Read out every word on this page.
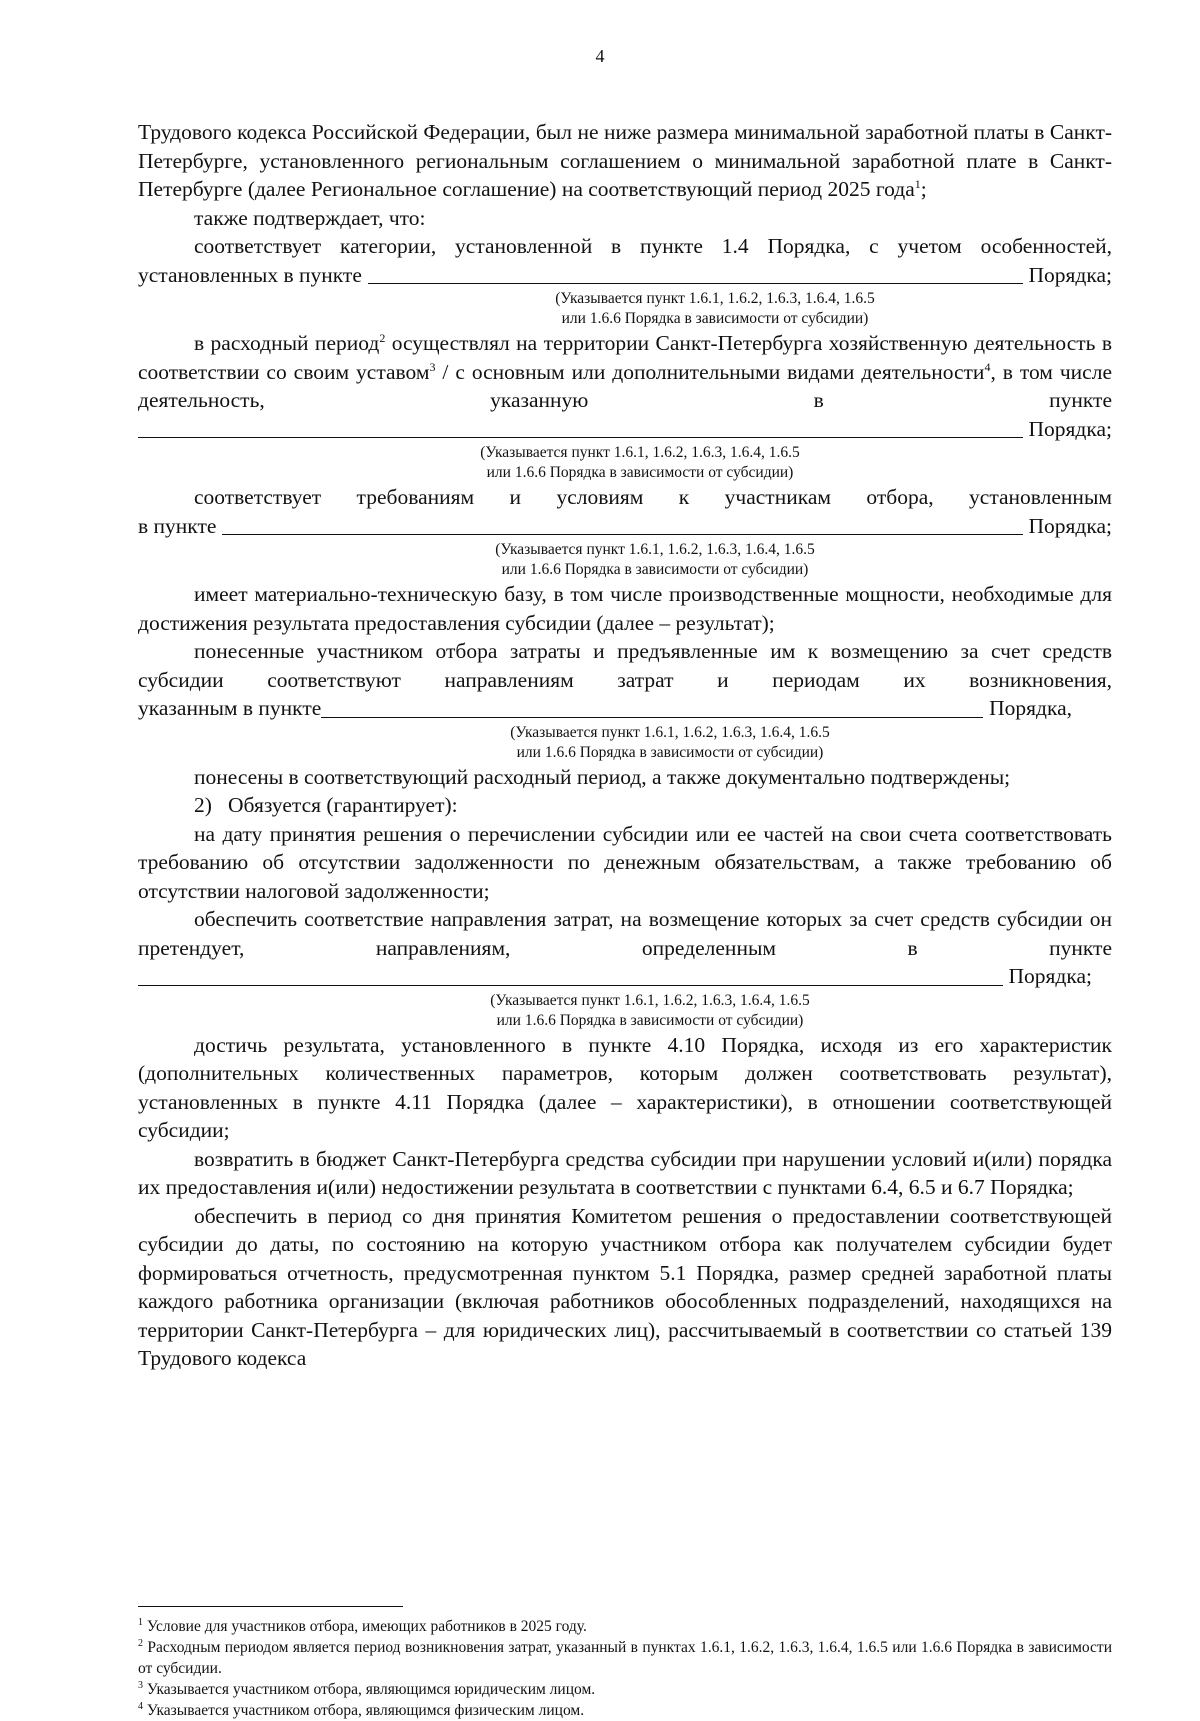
4

Трудового кодекса Российской Федерации, был не ниже размера минимальной заработной платы в Санкт-Петербурге, установленного региональным соглашением о минимальной заработной плате в Санкт-Петербурге (далее Региональное соглашение) на соответствующий период 2025 года$^1$;

также подтверждает, что:

соответствует категории, установленной в пункте 1.4 Порядка, с учетом особенностей,

установленных в пункте	Порядка;
(Указывается пункт 1.6.1, 1.6.2, 1.6.3, 1.6.4, 1.6.5
или 1.6.6 Порядка в зависимости от субсидии)

в расходный период$^2$ осуществлял на территории Санкт-Петербурга хозяйственную деятельность в соответствии со своим уставом$^3$ / с основным или дополнительными видами деятельности$^4$, в том числе деятельность, указанную в пункте

Порядка;
(Указывается пункт 1.6.1, 1.6.2, 1.6.3, 1.6.4, 1.6.5
или 1.6.6 Порядка в зависимости от субсидии)

соответствует требованиям и условиям к участникам отбора, установленным

в пункте	Порядка;
(Указывается пункт 1.6.1, 1.6.2, 1.6.3, 1.6.4, 1.6.5
или 1.6.6 Порядка в зависимости от субсидии)

имеет материально-техническую базу, в том числе производственные мощности, необходимые для достижения результата предоставления субсидии (далее – результат);

понесенные участником отбора затраты и предъявленные им к возмещению за счет средств субсидии соответствуют направлениям затрат и периодам их возникновения,

указанным в пункте	Порядка,
(Указывается пункт 1.6.1, 1.6.2, 1.6.3, 1.6.4, 1.6.5
или 1.6.6 Порядка в зависимости от субсидии)

понесены в соответствующий расходный период, а также документально подтверждены;

2)   Обязуется (гарантирует):

на дату принятия решения о перечислении субсидии или ее частей на свои счета соответствовать требованию об отсутствии задолженности по денежным обязательствам, а также требованию об отсутствии налоговой задолженности;

обеспечить соответствие направления затрат, на возмещение которых за счет средств субсидии он претендует, направлениям, определенным в пункте

Порядка;
(Указывается пункт 1.6.1, 1.6.2, 1.6.3, 1.6.4, 1.6.5
или 1.6.6 Порядка в зависимости от субсидии)

достичь результата, установленного в пункте 4.10 Порядка, исходя из его характеристик (дополнительных количественных параметров, которым должен соответствовать результат), установленных в пункте 4.11 Порядка (далее – характеристики), в отношении соответствующей субсидии;

возвратить в бюджет Санкт-Петербурга средства субсидии при нарушении условий и(или) порядка их предоставления и(или) недостижении результата в соответствии с пунктами 6.4, 6.5 и 6.7 Порядка;

обеспечить в период со дня принятия Комитетом решения о предоставлении соответствующей субсидии до даты, по состоянию на которую участником отбора как получателем субсидии будет формироваться отчетность, предусмотренная пунктом 5.1 Порядка, размер средней заработной платы каждого работника организации (включая работников обособленных подразделений, находящихся на территории Санкт-Петербурга – для юридических лиц), рассчитываемый в соответствии со статьей 139 Трудового кодекса

$^1$ Условие для участников отбора, имеющих работников в 2025 году.

$^2$ Расходным периодом является период возникновения затрат, указанный в пунктах 1.6.1, 1.6.2, 1.6.3, 1.6.4, 1.6.5 или 1.6.6 Порядка в зависимости от субсидии.

$^3$ Указывается участником отбора, являющимся юридическим лицом.

$^4$ Указывается участником отбора, являющимся физическим лицом.
